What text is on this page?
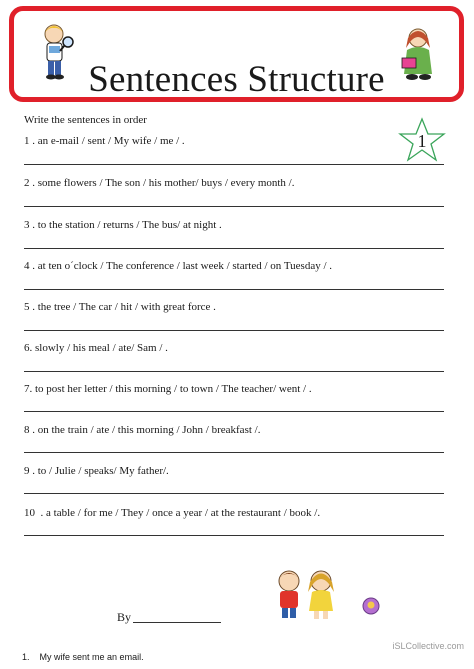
Sentences Structure
Write the sentences in order
1
1 . an e-mail / sent / My wife / me / .
2 . some flowers / The son / his mother/ buys / every month /.
3 . to the station / returns / The bus/ at night .
4 . at ten o´clock / The conference / last week / started / on Tuesday / .
5 . the tree / The car / hit / with great force .
6. slowly / his meal / ate/ Sam / .
7. to post her letter / this morning / to town / The teacher/ went / .
8 . on the train / ate / this morning / John / breakfast /.
9 . to / Julie / speaks/ My father/.
10 . a table / for me / They / once a year / at the restaurant / book /.
By
iSLCollective.com
1. My wife sent me an email.
